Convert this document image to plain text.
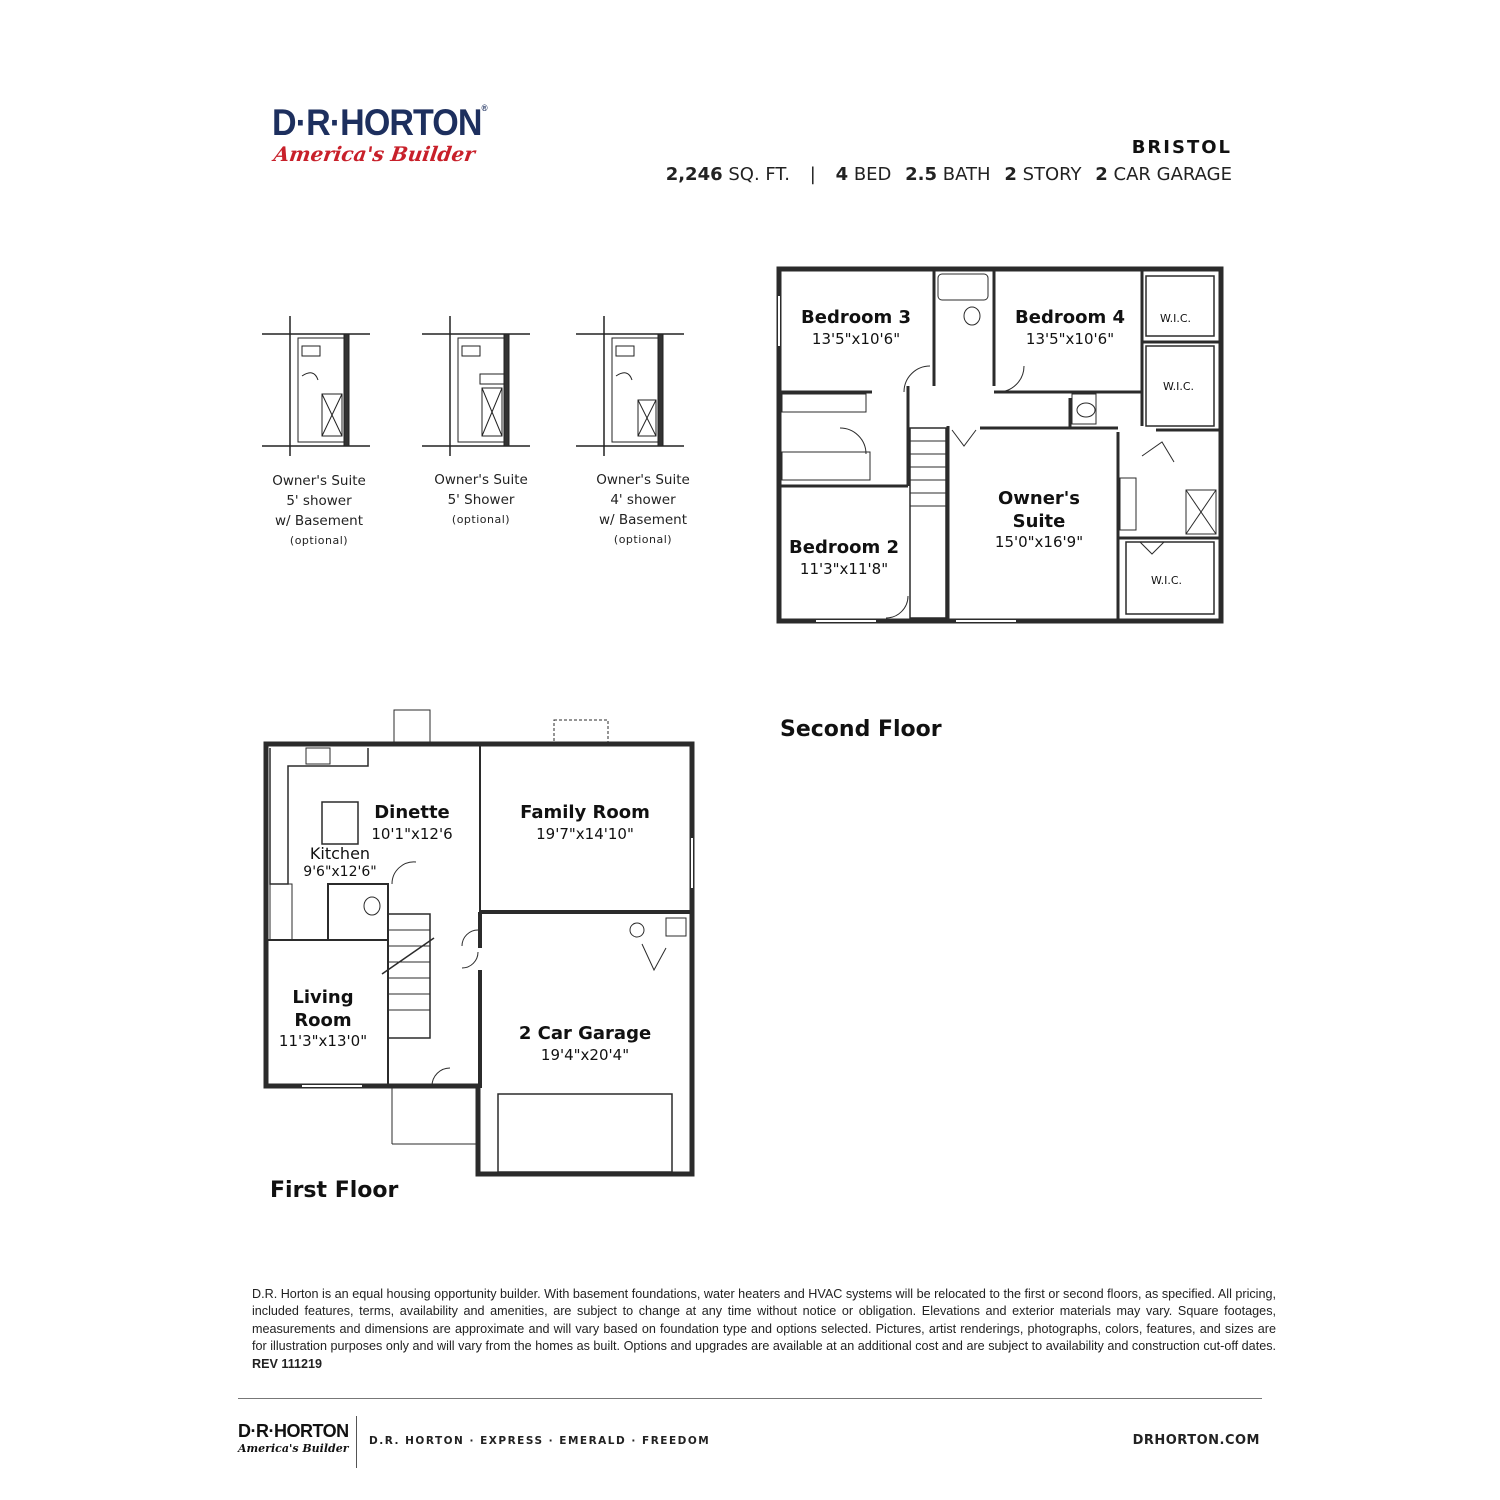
D·R·HORTON®
America's Builder	BRISTOL
2,246 SQ. FT. | 4 BED 2.5 BATH 2 STORY 2 CAR GARAGE
Owner's Suite
5' shower
w/ Basement
(optional)
Owner's Suite
5' Shower
(optional)
Owner's Suite
4' shower
w/ Basement
(optional)
Bedroom 3
13'5"x10'6"
Bedroom 4
13'5"x10'6"
Bedroom 2
11'3"x11'8"
Owner's
Suite
15'0"x16'9"
W.I.C.
W.I.C.
W.I.C.
Second Floor
Dinette
10'1"x12'6
Family Room
19'7"x14'10"
Kitchen
9'6"x12'6"
Living
Room
11'3"x13'0"	2 Car Garage
19'4"x20'4"
First Floor
D.R. Horton is an equal housing opportunity builder. With basement foundations, water heaters and HVAC systems will be relocated to the first or second floors, as specified. All pricing, included features, terms, availability and amenities, are subject to change at any time without notice or obligation. Elevations and exterior materials may vary. Square footages, measurements and dimensions are approximate and will vary based on foundation type and options selected. Pictures, artist renderings, photographs, colors, features, and sizes are for illustration purposes only and will vary from the homes as built. Options and upgrades are available at an additional cost and are subject to availability and construction cut-off dates. REV 111219
D·R·HORTON
America's Builder
D.R. HORTON · EXPRESS · EMERALD · FREEDOM	DRHORTON.COM
